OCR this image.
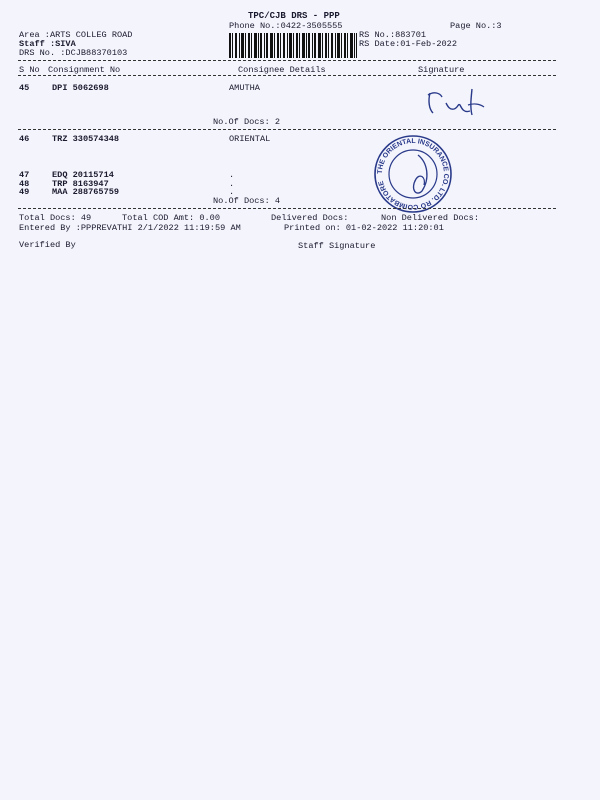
TPC/CJB DRS - PPP
Phone No.:0422-3505555	Page No.:3
Area :ARTS COLLEG ROAD
Staff :SIVA
DRS No. :DCJB88370103
RS No.:883701
RS Date:01-Feb-2022
S No Consignment No	Consignee Details	Signature
45	DPI 5062698	AMUTHA
No.Of Docs: 2
46	TRZ 330574348	ORIENTAL
47	EDQ 20115714	.
48	TRP 8163947	.
49	MAA 288765759	.
No.Of Docs: 4
THE ORIENTAL INSURANCE CO. LTD. RO COIMBATORE
Total Docs: 49	Total COD Amt: 0.00	Delivered Docs:	Non Delivered Docs:
Entered By :PPPREVATHI 2/1/2022 11:19:59 AM	Printed on: 01-02-2022 11:20:01
Verified By	Staff Signature
